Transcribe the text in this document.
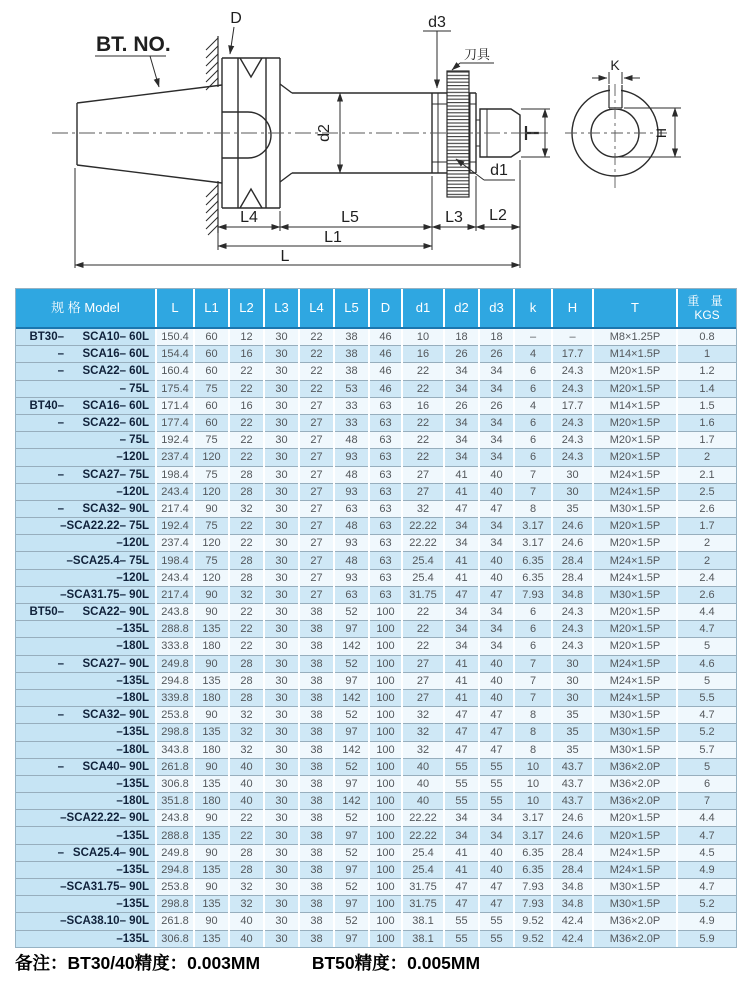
BT. NO.
D	d3
刀具
d2
d1
K
H
L4	L5	L3 L2
L1
L
规 格 Model	L	L1	L2	L3	L4	L5	D	d1	d2	d3	k	H	T	重 量
KGS

BT30– SCA10– 60L	150.4	60	12	30	22	38	46	10	18	18	–	–	M8×1.25P	0.8

– SCA16– 60L	154.4	60	16	30	22	38	46	16	26	26	4	17.7	M14×1.5P	1

– SCA22– 60L	160.4	60	22	30	22	38	46	22	34	34	6	24.3	M20×1.5P	1.2

– 75L	175.4	75	22	30	22	53	46	22	34	34	6	24.3	M20×1.5P	1.4

BT40– SCA16– 60L	171.4	60	16	30	27	33	63	16	26	26	4	17.7	M14×1.5P	1.5

– SCA22– 60L	177.4	60	22	30	27	33	63	22	34	34	6	24.3	M20×1.5P	1.6

– 75L	192.4	75	22	30	27	48	63	22	34	34	6	24.3	M20×1.5P	1.7

–120L	237.4	120	22	30	27	93	63	22	34	34	6	24.3	M20×1.5P	2

– SCA27– 75L	198.4	75	28	30	27	48	63	27	41	40	7	30	M24×1.5P	2.1

–120L	243.4	120	28	30	27	93	63	27	41	40	7	30	M24×1.5P	2.5

– SCA32– 90L	217.4	90	32	30	27	63	63	32	47	47	8	35	M30×1.5P	2.6

–SCA22.22– 75L	192.4	75	22	30	27	48	63	22.22	34	34	3.17	24.6	M20×1.5P	1.7

–120L	237.4	120	22	30	27	93	63	22.22	34	34	3.17	24.6	M20×1.5P	2

–SCA25.4– 75L	198.4	75	28	30	27	48	63	25.4	41	40	6.35	28.4	M24×1.5P	2

–120L	243.4	120	28	30	27	93	63	25.4	41	40	6.35	28.4	M24×1.5P	2.4

–SCA31.75– 90L	217.4	90	32	30	27	63	63	31.75	47	47	7.93	34.8	M30×1.5P	2.6

BT50– SCA22– 90L	243.8	90	22	30	38	52	100	22	34	34	6	24.3	M20×1.5P	4.4

–135L	288.8	135	22	30	38	97	100	22	34	34	6	24.3	M20×1.5P	4.7

–180L	333.8	180	22	30	38	142	100	22	34	34	6	24.3	M20×1.5P	5

– SCA27– 90L	249.8	90	28	30	38	52	100	27	41	40	7	30	M24×1.5P	4.6

–135L	294.8	135	28	30	38	97	100	27	41	40	7	30	M24×1.5P	5

–180L	339.8	180	28	30	38	142	100	27	41	40	7	30	M24×1.5P	5.5

– SCA32– 90L	253.8	90	32	30	38	52	100	32	47	47	8	35	M30×1.5P	4.7

–135L	298.8	135	32	30	38	97	100	32	47	47	8	35	M30×1.5P	5.2

–180L	343.8	180	32	30	38	142	100	32	47	47	8	35	M30×1.5P	5.7

– SCA40– 90L	261.8	90	40	30	38	52	100	40	55	55	10	43.7	M36×2.0P	5

–135L	306.8	135	40	30	38	97	100	40	55	55	10	43.7	M36×2.0P	6

–180L	351.8	180	40	30	38	142	100	40	55	55	10	43.7	M36×2.0P	7

–SCA22.22– 90L	243.8	90	22	30	38	52	100	22.22	34	34	3.17	24.6	M20×1.5P	4.4

–135L	288.8	135	22	30	38	97	100	22.22	34	34	3.17	24.6	M20×1.5P	4.7

– SCA25.4– 90L	249.8	90	28	30	38	52	100	25.4	41	40	6.35	28.4	M24×1.5P	4.5

–135L	294.8	135	28	30	38	97	100	25.4	41	40	6.35	28.4	M24×1.5P	4.9

–SCA31.75– 90L	253.8	90	32	30	38	52	100	31.75	47	47	7.93	34.8	M30×1.5P	4.7

–135L	298.8	135	32	30	38	97	100	31.75	47	47	7.93	34.8	M30×1.5P	5.2

–SCA38.10– 90L	261.8	90	40	30	38	52	100	38.1	55	55	9.52	42.4	M36×2.0P	4.9

–135L	306.8	135	40	30	38	97	100	38.1	55	55	9.52	42.4	M36×2.0P	5.9
备注：BT30/40精度：0.003MM	BT50精度：0.005MM
